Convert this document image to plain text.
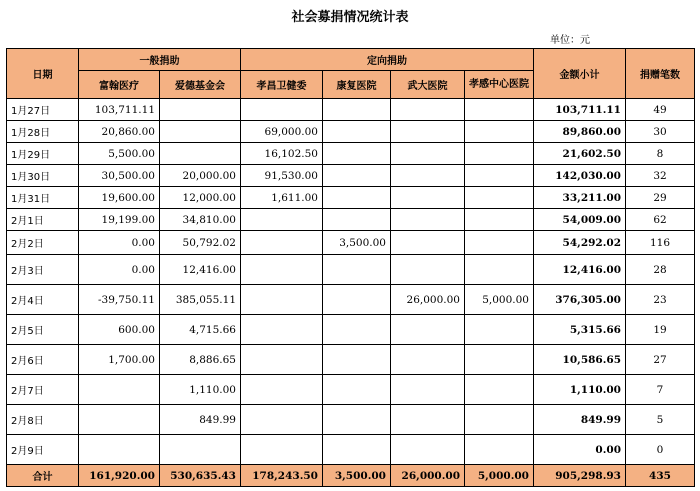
社会募捐情况统计表
单位：元
日期	一般捐助		定向捐助				金额小计	捐赠笔数
	富翰医疗	爱德基金会	孝昌卫健委	康复医院	武大医院	孝感中心医院		
1月27日	103,711.11						103,711.11	49
1月28日	20,860.00		69,000.00				89,860.00	30
1月29日	5,500.00		16,102.50				21,602.50	8
1月30日	30,500.00	20,000.00	91,530.00				142,030.00	32
1月31日	19,600.00	12,000.00	1,611.00				33,211.00	29
2月1日	19,199.00	34,810.00					54,009.00	62
2月2日	0.00	50,792.02		3,500.00			54,292.02	116
2月3日	0.00	12,416.00					12,416.00	28
2月4日	-39,750.11	385,055.11			26,000.00	5,000.00	376,305.00	23
2月5日	600.00	4,715.66					5,315.66	19
2月6日	1,700.00	8,886.65					10,586.65	27
2月7日		1,110.00					1,110.00	7
2月8日		849.99					849.99	5
2月9日							0.00	0
合计	161,920.00	530,635.43	178,243.50	3,500.00	26,000.00	5,000.00	905,298.93	435
